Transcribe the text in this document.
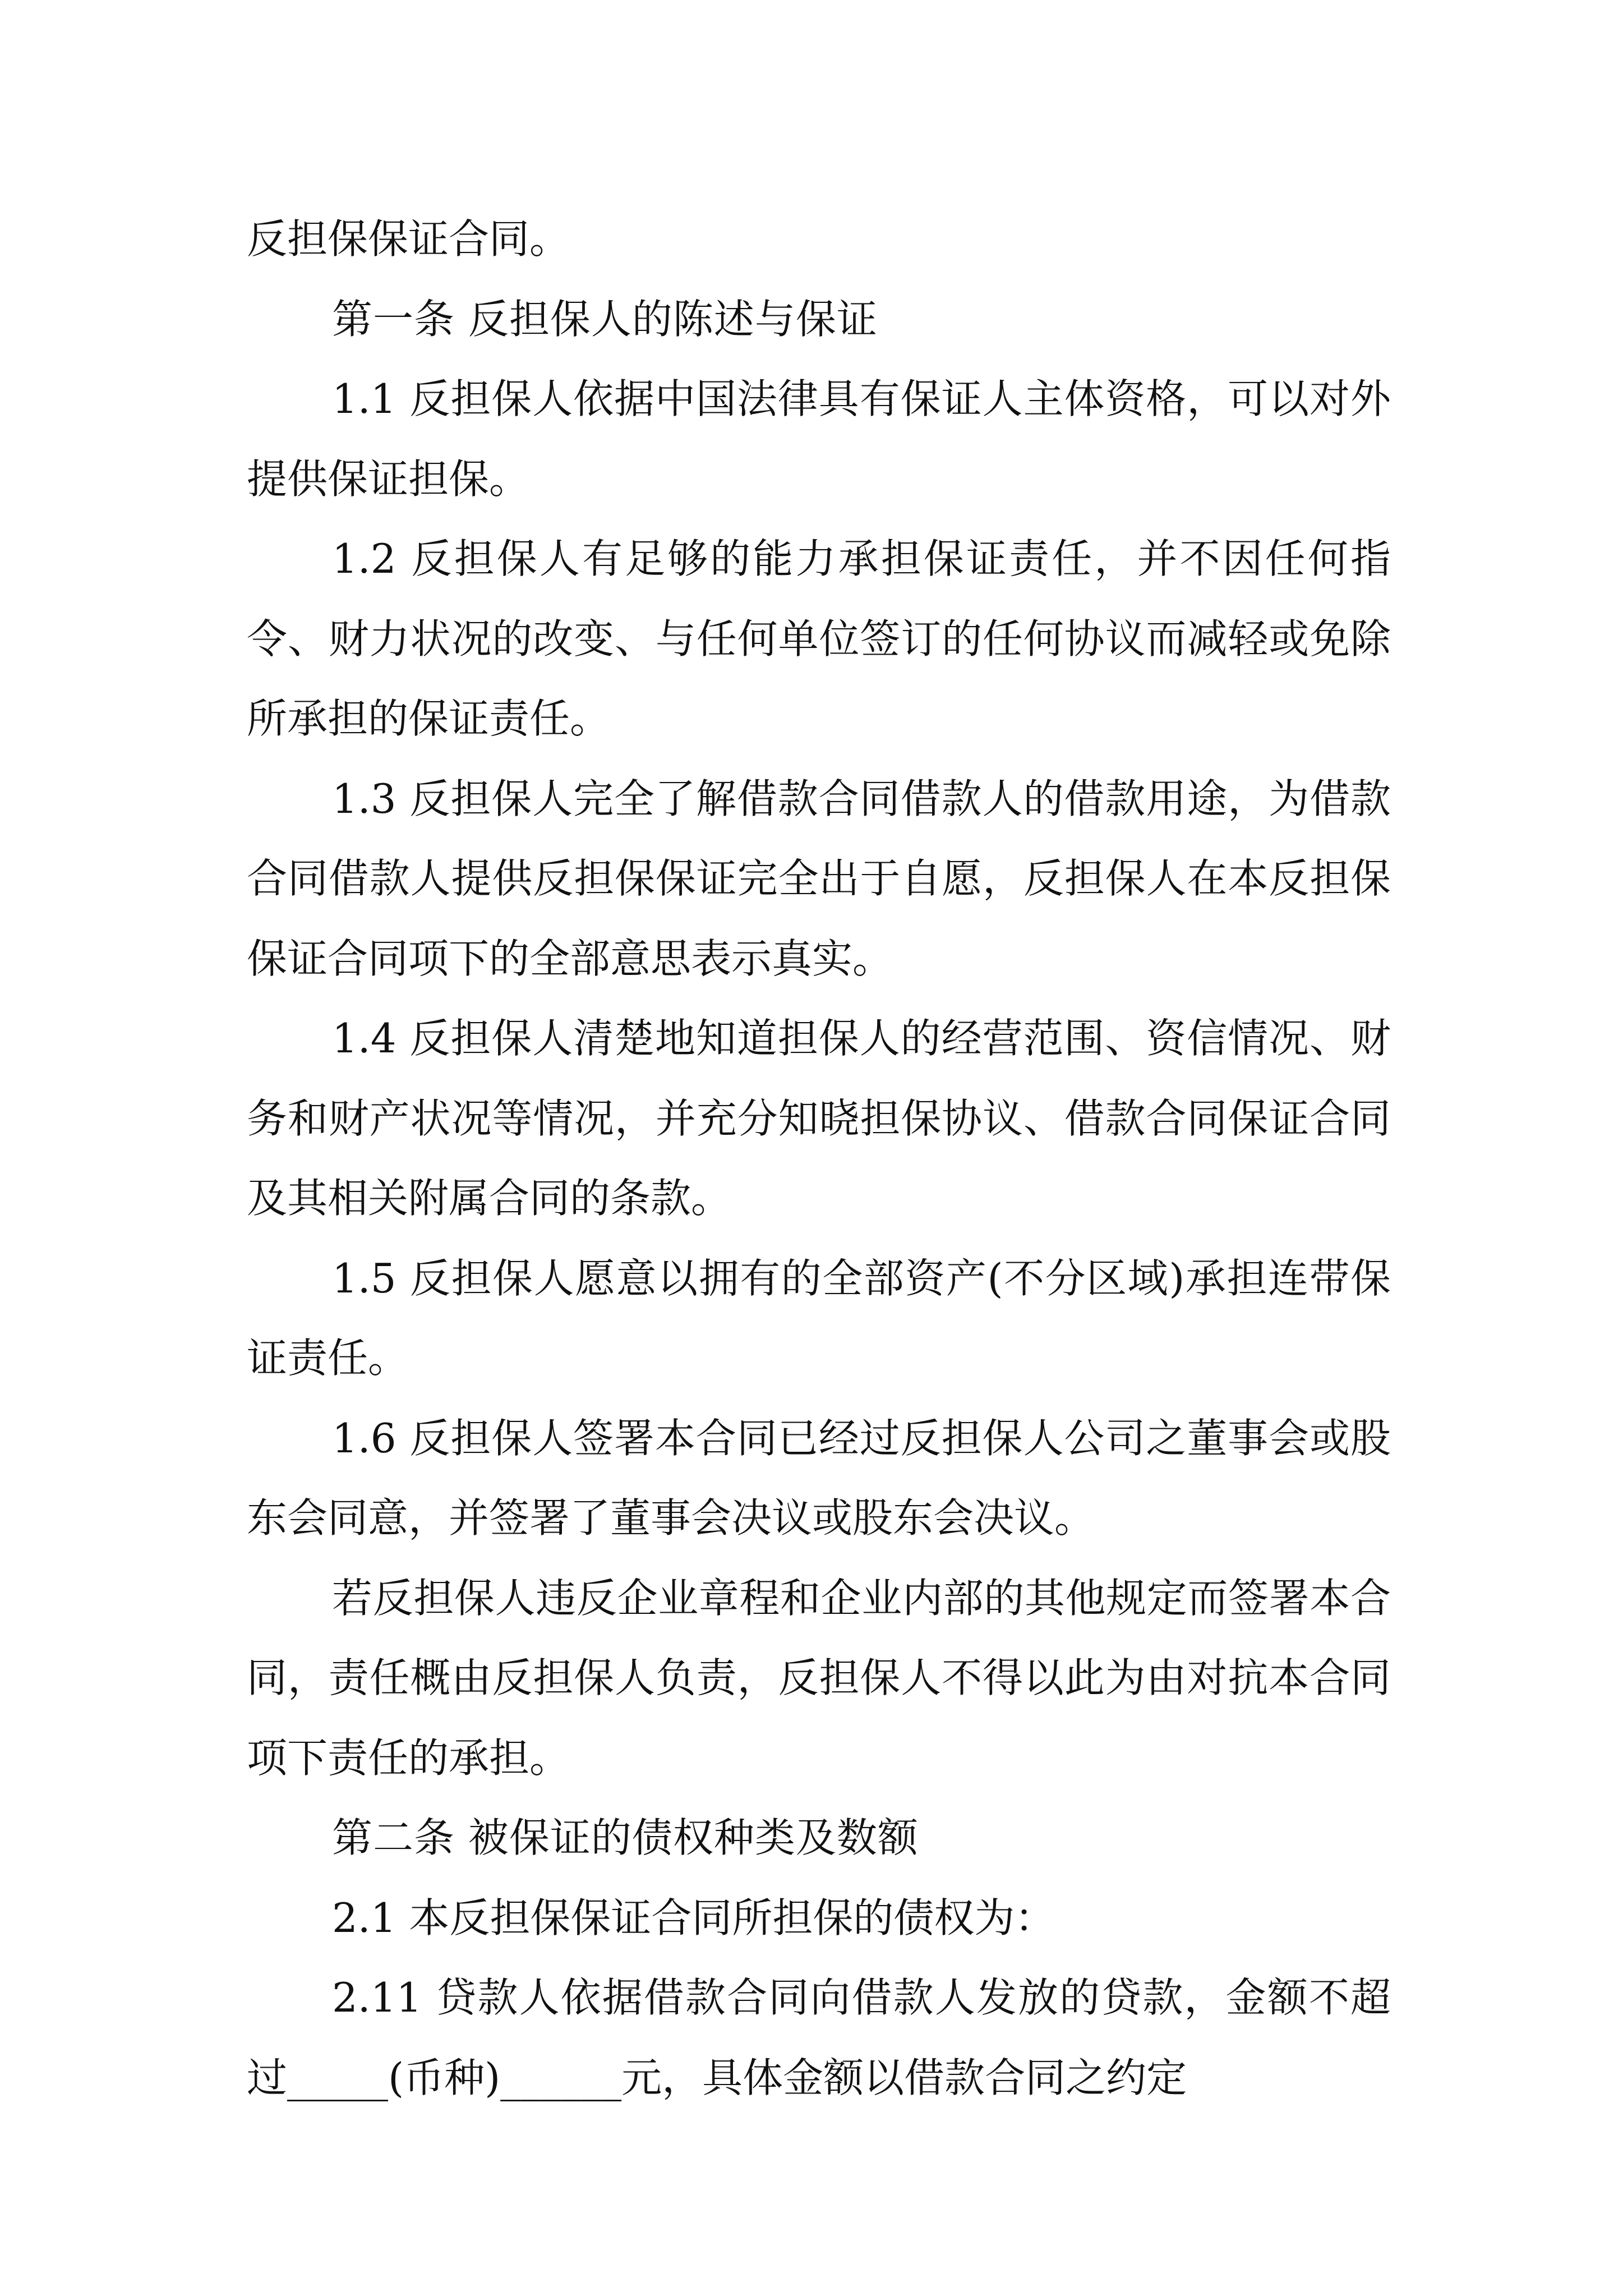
反担保保证合同。

第一条 反担保人的陈述与保证

1.1 反担保人依据中国法律具有保证人主体资格，可以对外提供保证担保。

1.2 反担保人有足够的能力承担保证责任，并不因任何指令、财力状况的改变、与任何单位签订的任何协议而减轻或免除所承担的保证责任。

1.3 反担保人完全了解借款合同借款人的借款用途，为借款合同借款人提供反担保保证完全出于自愿，反担保人在本反担保保证合同项下的全部意思表示真实。

1.4 反担保人清楚地知道担保人的经营范围、资信情况、财务和财产状况等情况，并充分知晓担保协议、借款合同保证合同及其相关附属合同的条款。

1.5 反担保人愿意以拥有的全部资产(不分区域)承担连带保证责任。

1.6 反担保人签署本合同已经过反担保人公司之董事会或股东会同意，并签署了董事会决议或股东会决议。

若反担保人违反企业章程和企业内部的其他规定而签署本合同，责任概由反担保人负责，反担保人不得以此为由对抗本合同项下责任的承担。

第二条 被保证的债权种类及数额

2.1 本反担保保证合同所担保的债权为：

2.11 贷款人依据借款合同向借款人发放的贷款，金额不超过_____(币种)______元，具体金额以借款合同之约定
